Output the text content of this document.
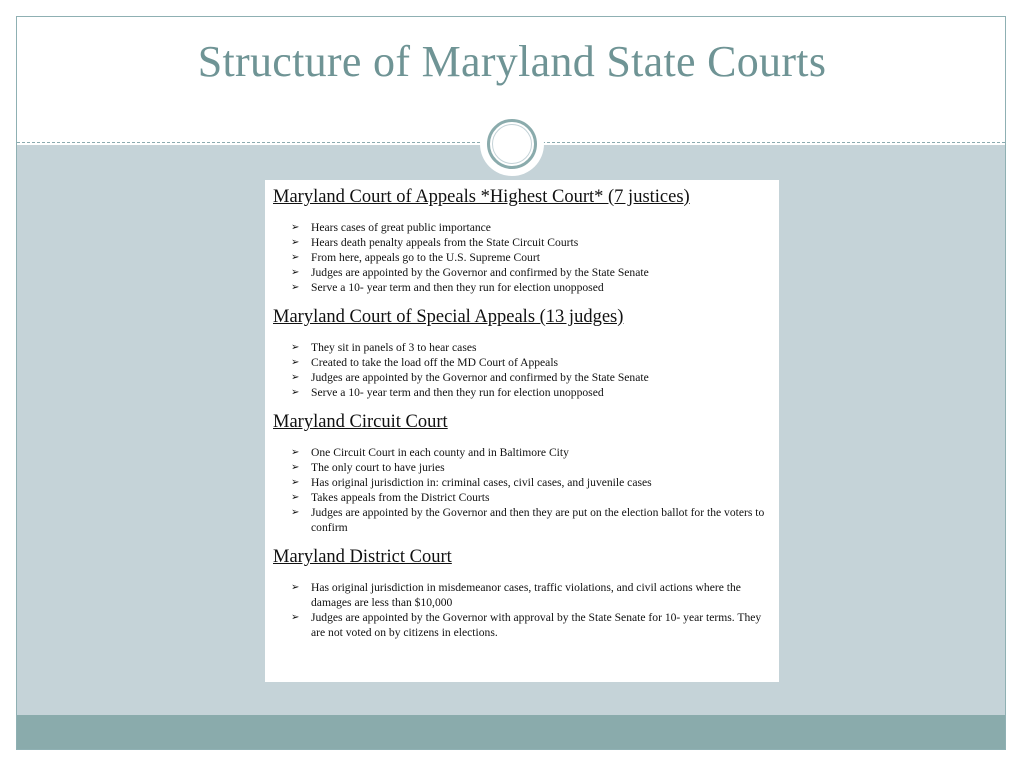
Structure of Maryland State Courts
Maryland Court of Appeals *Highest Court* (7 justices)
➢ Hears cases of great public importance
➢ Hears death penalty appeals from the State Circuit Courts
➢ From here, appeals go to the U.S. Supreme Court
➢ Judges are appointed by the Governor and confirmed by the State Senate
➢ Serve a 10- year term and then they run for election unopposed
Maryland Court of Special Appeals (13 judges)
➢ They sit in panels of 3 to hear cases
➢ Created to take the load off the MD Court of Appeals
➢ Judges are appointed by the Governor and confirmed by the State Senate
➢ Serve a 10- year term and then they run for election unopposed
Maryland Circuit Court
➢ One Circuit Court in each county and in Baltimore City
➢ The only court to have juries
➢ Has original jurisdiction in: criminal cases, civil cases, and juvenile cases
➢ Takes appeals from the District Courts
➢ Judges are appointed by the Governor and then they are put on the election ballot for the voters to confirm
Maryland District Court
➢ Has original jurisdiction in misdemeanor cases, traffic violations, and civil actions where the damages are less than $10,000
➢ Judges are appointed by the Governor with approval by the State Senate for 10- year terms. They are not voted on by citizens in elections.
